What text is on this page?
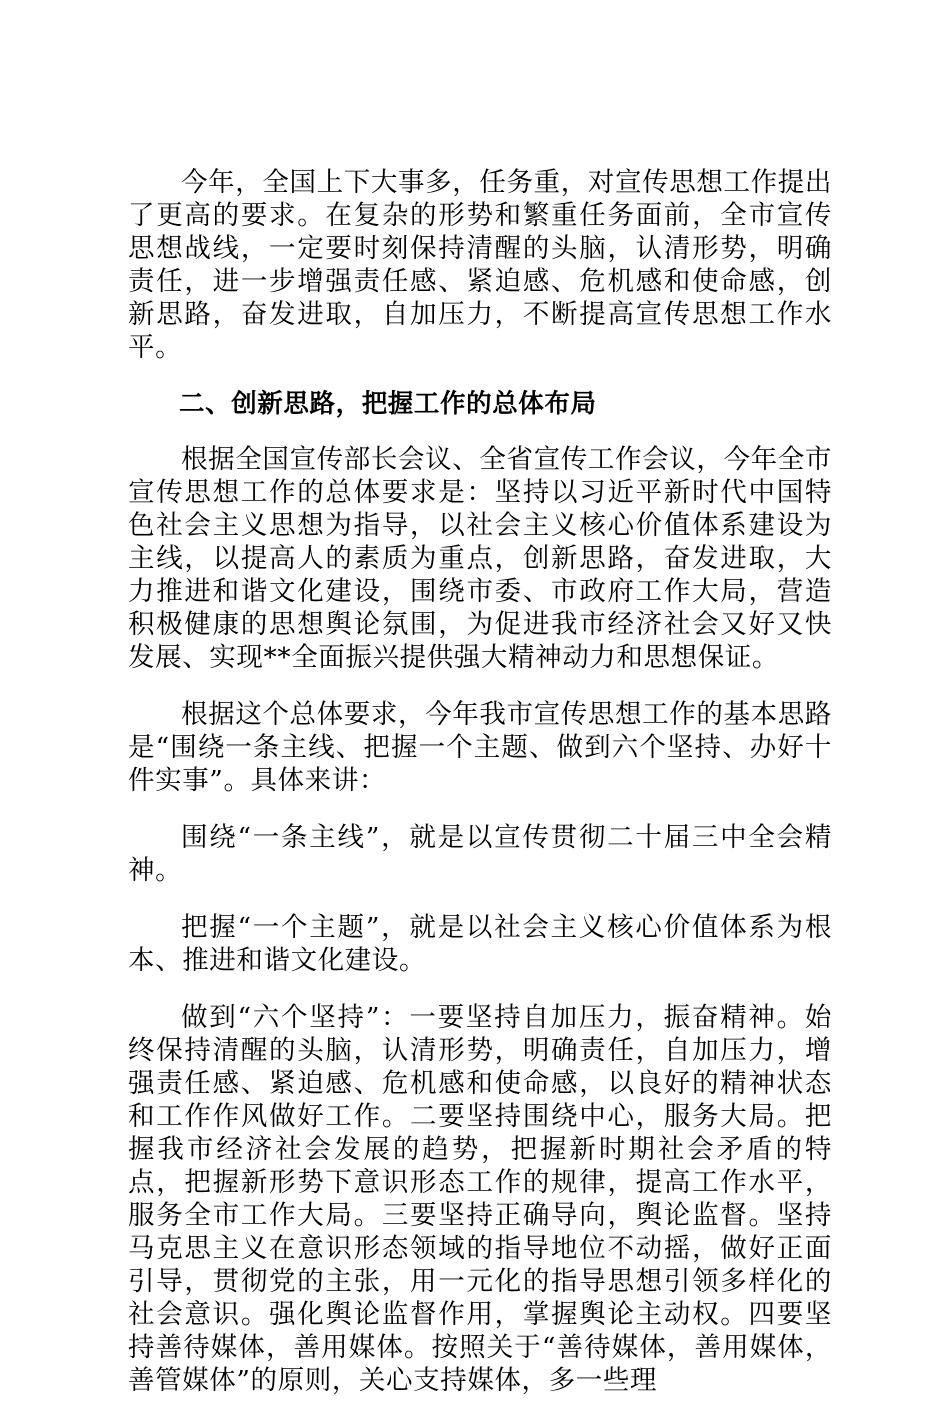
今年，全国上下大事多，任务重，对宣传思想工作提出了更高的要求。在复杂的形势和繁重任务面前，全市宣传思想战线，一定要时刻保持清醒的头脑，认清形势，明确责任，进一步增强责任感、紧迫感、危机感和使命感，创新思路，奋发进取，自加压力，不断提高宣传思想工作水平。

二、创新思路，把握工作的总体布局

根据全国宣传部长会议、全省宣传工作会议，今年全市宣传思想工作的总体要求是：坚持以习近平新时代中国特色社会主义思想为指导，以社会主义核心价值体系建设为主线，以提高人的素质为重点，创新思路，奋发进取，大力推进和谐文化建设，围绕市委、市政府工作大局，营造积极健康的思想舆论氛围，为促进我市经济社会又好又快发展、实现**全面振兴提供强大精神动力和思想保证。

根据这个总体要求，今年我市宣传思想工作的基本思路是“围绕一条主线、把握一个主题、做到六个坚持、办好十件实事”。具体来讲：

围绕“一条主线”，就是以宣传贯彻二十届三中全会精神。

把握“一个主题”，就是以社会主义核心价值体系为根本、推进和谐文化建设。

做到“六个坚持”：一要坚持自加压力，振奋精神。始终保持清醒的头脑，认清形势，明确责任，自加压力，增强责任感、紧迫感、危机感和使命感，以良好的精神状态和工作作风做好工作。二要坚持围绕中心，服务大局。把握我市经济社会发展的趋势，把握新时期社会矛盾的特点，把握新形势下意识形态工作的规律，提高工作水平，服务全市工作大局。三要坚持正确导向，舆论监督。坚持马克思主义在意识形态领域的指导地位不动摇，做好正面引导，贯彻党的主张，用一元化的指导思想引领多样化的社会意识。强化舆论监督作用，掌握舆论主动权。四要坚持善待媒体，善用媒体。按照关于“善待媒体，善用媒体，善管媒体”的原则，关心支持媒体，多一些理
